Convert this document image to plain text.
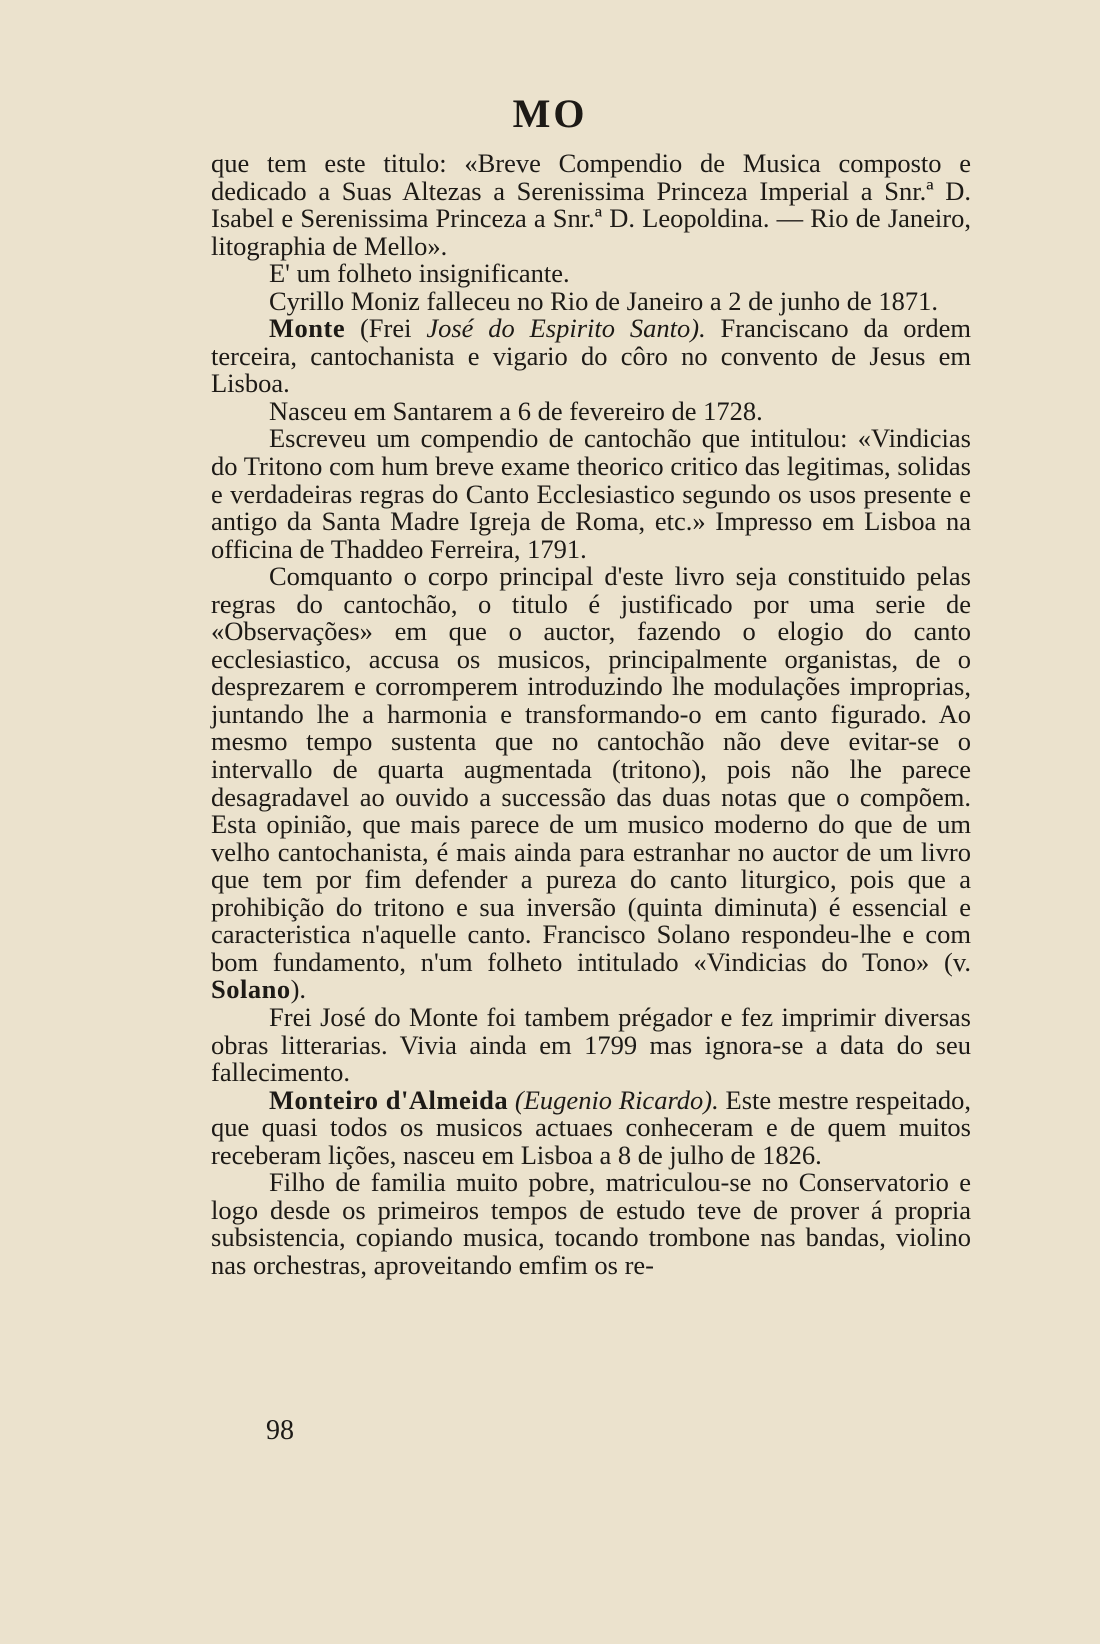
MO

que tem este titulo: «Breve Compendio de Musica composto e dedicado a Suas Altezas a Serenissima Princeza Imperial a Snr.ª D. Isabel e Serenissima Princeza a Snr.ª D. Leopoldina. — Rio de Janeiro, litographia de Mello».

E' um folheto insignificante.

Cyrillo Moniz falleceu no Rio de Janeiro a 2 de junho de 1871.

Monte (Frei José do Espirito Santo). Franciscano da ordem terceira, cantochanista e vigario do côro no convento de Jesus em Lisboa.

Nasceu em Santarem a 6 de fevereiro de 1728.

Escreveu um compendio de cantochão que intitulou: «Vindicias do Tritono com hum breve exame theorico critico das legitimas, solidas e verdadeiras regras do Canto Ecclesiastico segundo os usos presente e antigo da Santa Madre Igreja de Roma, etc.» Impresso em Lisboa na officina de Thaddeo Ferreira, 1791.

Comquanto o corpo principal d'este livro seja constituido pelas regras do cantochão, o titulo é justificado por uma serie de «Observações» em que o auctor, fazendo o elogio do canto ecclesiastico, accusa os musicos, principalmente organistas, de o desprezarem e corromperem introduzindo lhe modulações improprias, juntando lhe a harmonia e transformando-o em canto figurado. Ao mesmo tempo sustenta que no cantochão não deve evitar-se o intervallo de quarta augmentada (tritono), pois não lhe parece desagradavel ao ouvido a successão das duas notas que o compõem. Esta opinião, que mais parece de um musico moderno do que de um velho cantochanista, é mais ainda para estranhar no auctor de um livro que tem por fim defender a pureza do canto liturgico, pois que a prohibição do tritono e sua inversão (quinta diminuta) é essencial e caracteristica n'aquelle canto. Francisco Solano respondeu-lhe e com bom fundamento, n'um folheto intitulado «Vindicias do Tono» (v. Solano).

Frei José do Monte foi tambem prégador e fez imprimir diversas obras litterarias. Vivia ainda em 1799 mas ignora-se a data do seu fallecimento.

Monteiro d'Almeida (Eugenio Ricardo). Este mestre respeitado, que quasi todos os musicos actuaes conheceram e de quem muitos receberam lições, nasceu em Lisboa a 8 de julho de 1826.

Filho de familia muito pobre, matriculou-se no Conservatorio e logo desde os primeiros tempos de estudo teve de prover á propria subsistencia, copiando musica, tocando trombone nas bandas, violino nas orchestras, aproveitando emfim os re-

98
